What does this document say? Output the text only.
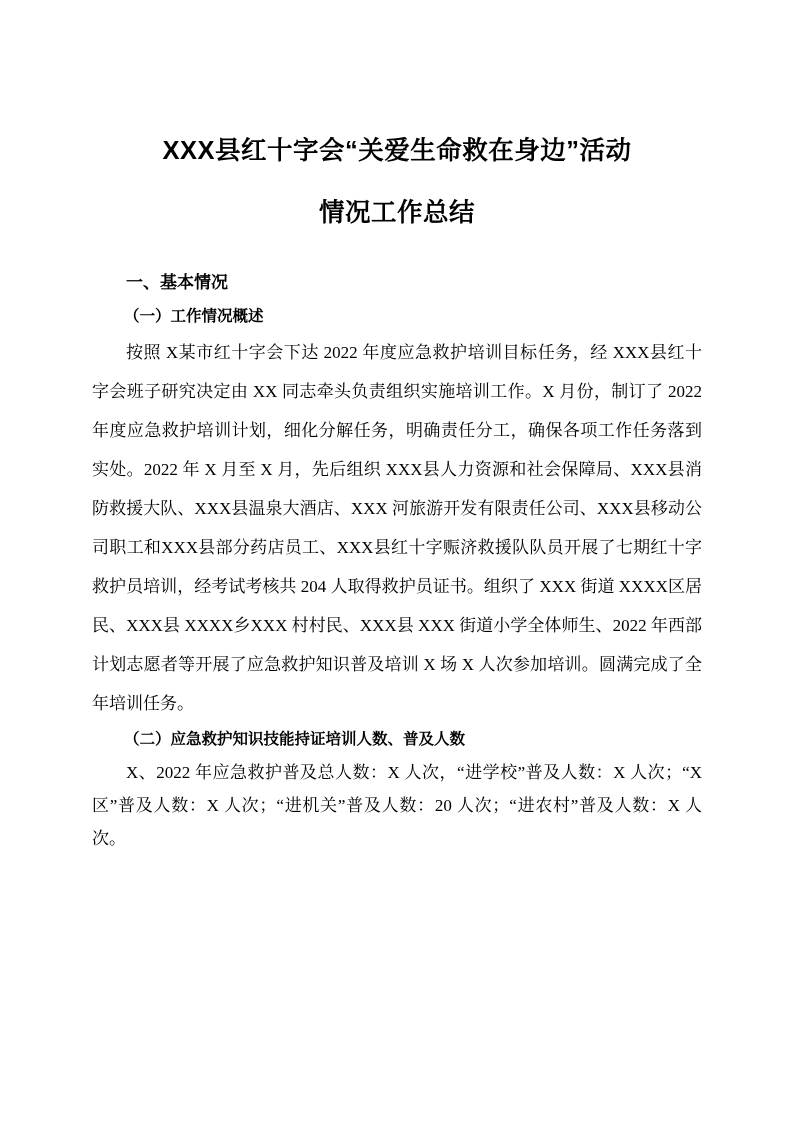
XXX县红十字会“关爱生命救在身边”活动
情况工作总结
一、基本情况
（一）工作情况概述

按照 X某市红十字会下达 2022 年度应急救护培训目标任务，经 XXX县红十字会班子研究决定由 XX 同志牵头负责组织实施培训工作。X 月份，制订了 2022 年度应急救护培训计划，细化分解任务，明确责任分工，确保各项工作任务落到实处。2022 年 X 月至 X 月，先后组织 XXX县人力资源和社会保障局、XXX县消防救援大队、XXX县温泉大酒店、XXX 河旅游开发有限责任公司、XXX县移动公司职工和XXX县部分药店员工、XXX县红十字赈济救援队队员开展了七期红十字救护员培训，经考试考核共 204 人取得救护员证书。组织了 XXX 街道 XXXX区居民、XXX县 XXXX乡XXX 村村民、XXX县 XXX 街道小学全体师生、2022 年西部计划志愿者等开展了应急救护知识普及培训 X 场 X 人次参加培训。圆满完成了全年培训任务。

（二）应急救护知识技能持证培训人数、普及人数

X、2022 年应急救护普及总人数：X 人次，“进学校”普及人数：X 人次；“X区”普及人数：X 人次；“进机关”普及人数：20 人次；“进农村”普及人数：X 人次。
